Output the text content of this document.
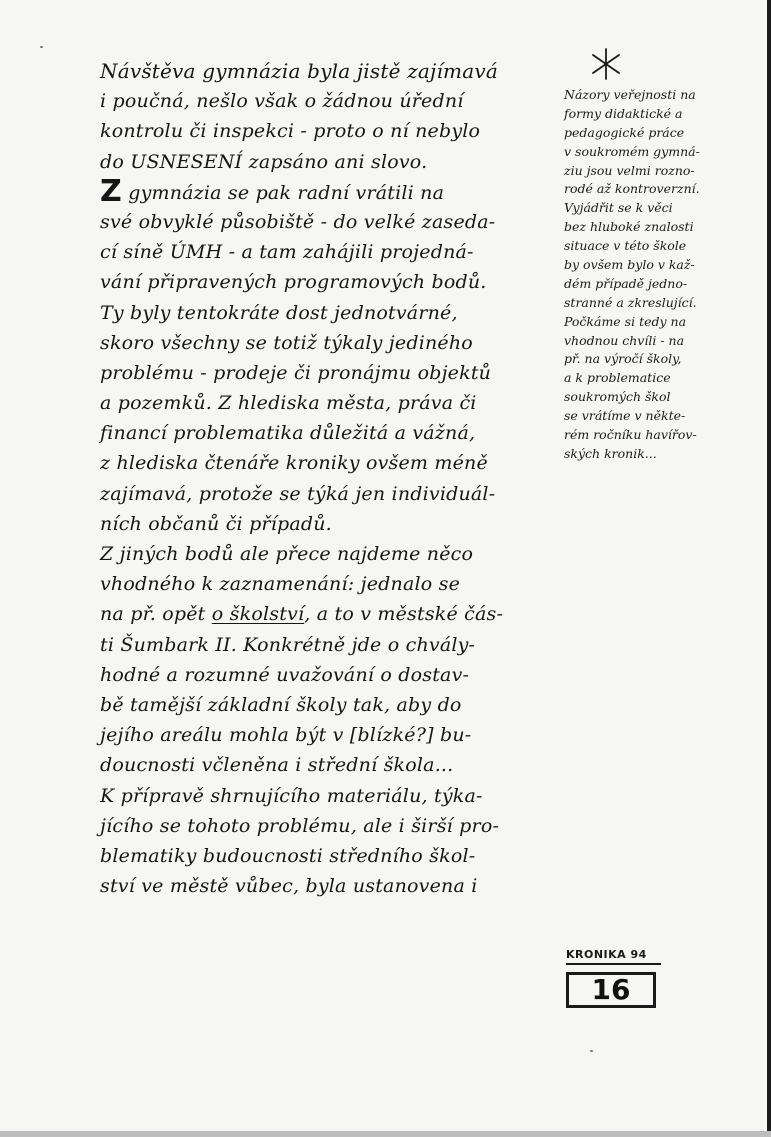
Návštěva gymnázia byla jistě zajímavá
i poučná, nešlo však o žádnou úřední
kontrolu či inspekci - proto o ní nebylo
do USNESENÍ zapsáno ani slovo.
Z gymnázia se pak radní vrátili na
své obvyklé působiště - do velké zaseda-
cí síně ÚMH - a tam zahájili projedná-
vání připravených programových bodů.
Ty byly tentokráte dost jednotvárné,
skoro všechny se totiž týkaly jediného
problému - prodeje či pronájmu objektů
a pozemků. Z hlediska města, práva či
financí problematika důležitá a vážná,
z hlediska čtenáře kroniky ovšem méně
zajímavá, protože se týká jen individuál-
ních občanů či případů.
Z jiných bodů ale přece najdeme něco
vhodného k zaznamenání: jednalo se
na př. opět o školství, a to v městské čás-
ti Šumbark II. Konkrétně jde o chvály-
hodné a rozumné uvažování o dostav-
bě tamější základní školy tak, aby do
jejího areálu mohla být v [blízké?] bu-
doucnosti včleněna i střední škola...
K přípravě shrnujícího materiálu, týka-
jícího se tohoto problému, ale i širší pro-
blematiky budoucnosti středního škol-
ství ve městě vůbec, byla ustanovena i
Názory veřejnosti na
formy didaktické a
pedagogické práce
v soukromém gymná-
ziu jsou velmi rozno-
rodé až kontroverzní.
Vyjádřit se k věci
bez hluboké znalosti
situace v této škole
by ovšem bylo v kaž-
dém případě jedno-
stranné a zkreslující.
Počkáme si tedy na
vhodnou chvíli - na
př. na výročí školy,
a k problematice
soukromých škol
se vrátíme v někte-
rém ročníku havířov-
ských kronik...
KRONIKA 94
16
